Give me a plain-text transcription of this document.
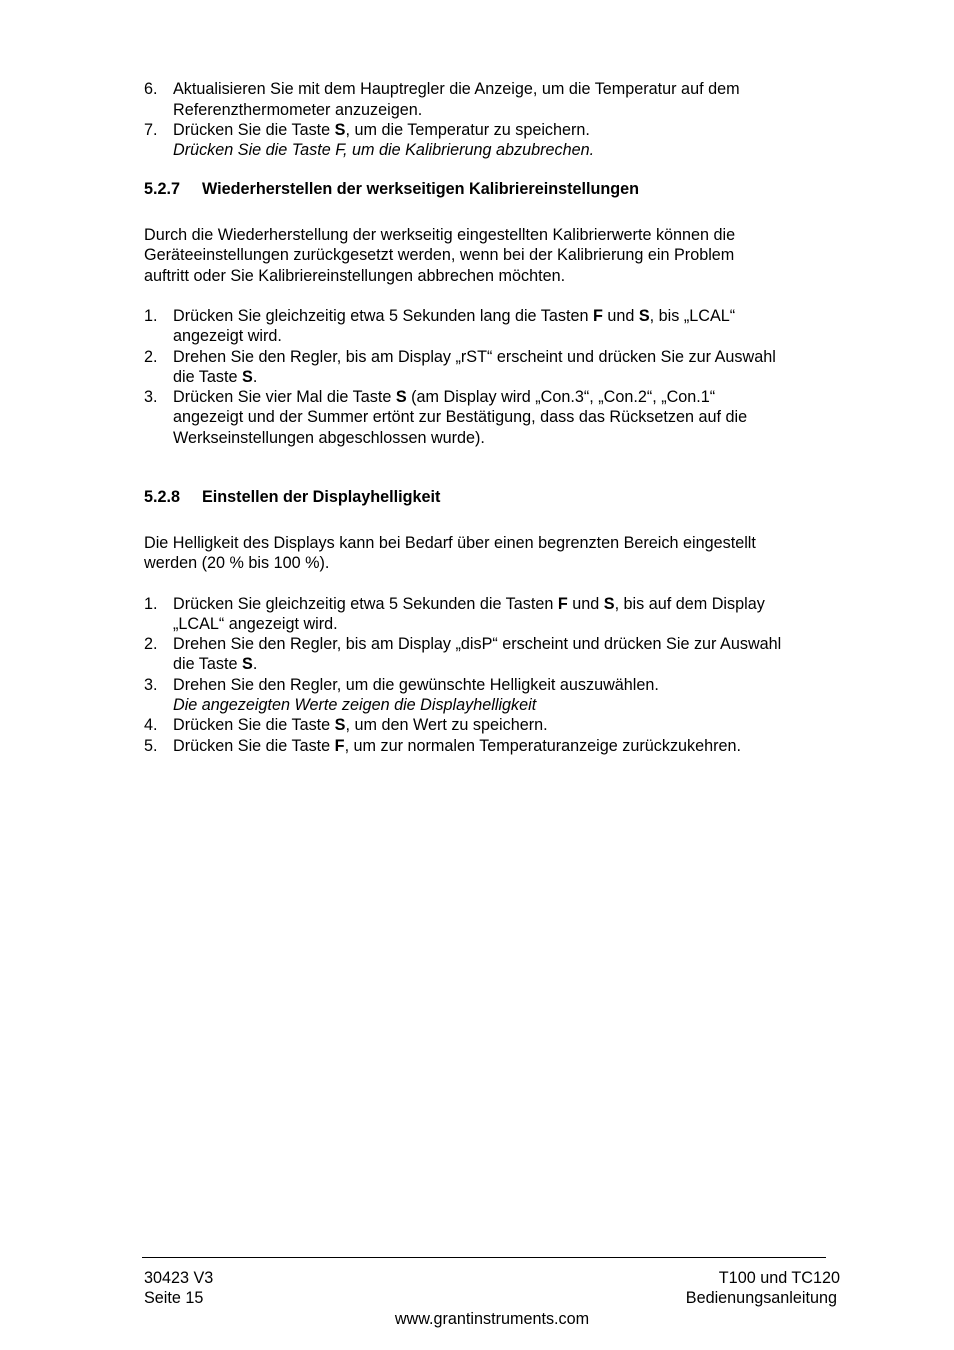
6. Aktualisieren Sie mit dem Hauptregler die Anzeige, um die Temperatur auf dem
Referenzthermometer anzuzeigen.
7. Drücken Sie die Taste S, um die Temperatur zu speichern.
Drücken Sie die Taste F, um die Kalibrierung abzubrechen.
5.2.7 Wiederherstellen der werkseitigen Kalibriereinstellungen
Durch die Wiederherstellung der werkseitig eingestellten Kalibrierwerte können die
Geräteeinstellungen zurückgesetzt werden, wenn bei der Kalibrierung ein Problem
auftritt oder Sie Kalibriereinstellungen abbrechen möchten.
1. Drücken Sie gleichzeitig etwa 5 Sekunden lang die Tasten F und S, bis „LCAL“
angezeigt wird.
2. Drehen Sie den Regler, bis am Display „rST“ erscheint und drücken Sie zur Auswahl
die Taste S.
3. Drücken Sie vier Mal die Taste S (am Display wird „Con.3“, „Con.2“, „Con.1“
angezeigt und der Summer ertönt zur Bestätigung, dass das Rücksetzen auf die
Werkseinstellungen abgeschlossen wurde).
5.2.8 Einstellen der Displayhelligkeit
Die Helligkeit des Displays kann bei Bedarf über einen begrenzten Bereich eingestellt
werden (20 % bis 100 %).
1. Drücken Sie gleichzeitig etwa 5 Sekunden die Tasten F und S, bis auf dem Display
„LCAL“ angezeigt wird.
2. Drehen Sie den Regler, bis am Display „disP“ erscheint und drücken Sie zur Auswahl
die Taste S.
3. Drehen Sie den Regler, um die gewünschte Helligkeit auszuwählen.
Die angezeigten Werte zeigen die Displayhelligkeit
4. Drücken Sie die Taste S, um den Wert zu speichern.
5. Drücken Sie die Taste F, um zur normalen Temperaturanzeige zurückzukehren.
30423 V3
Seite 15
T100 und TC120
Bedienungsanleitung
www.grantinstruments.com
